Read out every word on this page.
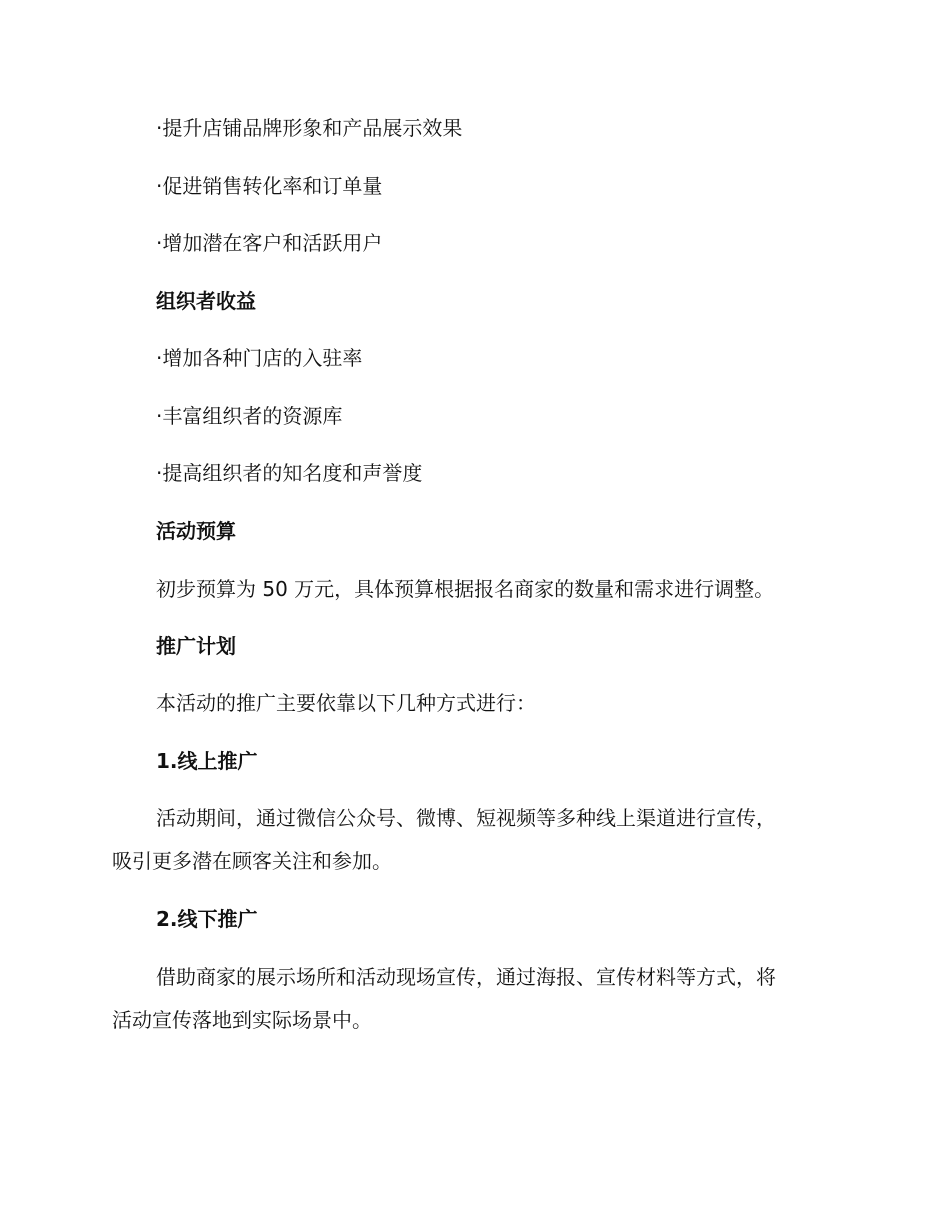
·提升店铺品牌形象和产品展示效果
·促进销售转化率和订单量
·增加潜在客户和活跃用户
组织者收益
·增加各种门店的入驻率
·丰富组织者的资源库
·提高组织者的知名度和声誉度
活动预算
初步预算为 50 万元，具体预算根据报名商家的数量和需求进行调整。
推广计划
本活动的推广主要依靠以下几种方式进行：
1.线上推广
活动期间，通过微信公众号、微博、短视频等多种线上渠道进行宣传，
吸引更多潜在顾客关注和参加。
2.线下推广
借助商家的展示场所和活动现场宣传，通过海报、宣传材料等方式，将
活动宣传落地到实际场景中。
